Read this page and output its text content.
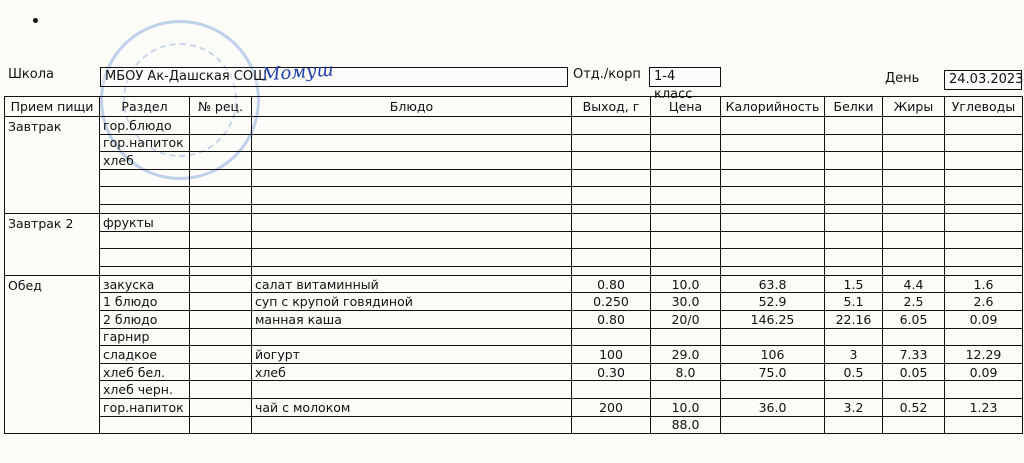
Школа	МБОУ Ак-Дашская СОШ
Момуш	Отд./корп	1-4 класс
День	24.03.2023
Прием пищи	Раздел	№ рец.	Блюдо	Выход, г	Цена	Калорийность	Белки	Жиры	Углеводы
Завтрак	гор.блюдо								
	гор.напиток								
	хлеб								

Завтрак 2	фрукты								

Обед	закуска		салат витаминный	0.80	10.0	63.8	1.5	4.4	1.6
	1 блюдо		суп с крупой говядиной	0.250	30.0	52.9	5.1	2.5	2.6
	2 блюдо		манная каша	0.80	20/0	146.25	22.16	6.05	0.09
	гарнир								
	сладкое		йогурт	100	29.0	106	3	7.33	12.29
	хлеб бел.		хлеб	0.30	8.0	75.0	0.5	0.05	0.09
	хлеб черн.								
	гор.напиток		чай с молоком	200	10.0	36.0	3.2	0.52	1.23
					88.0				
